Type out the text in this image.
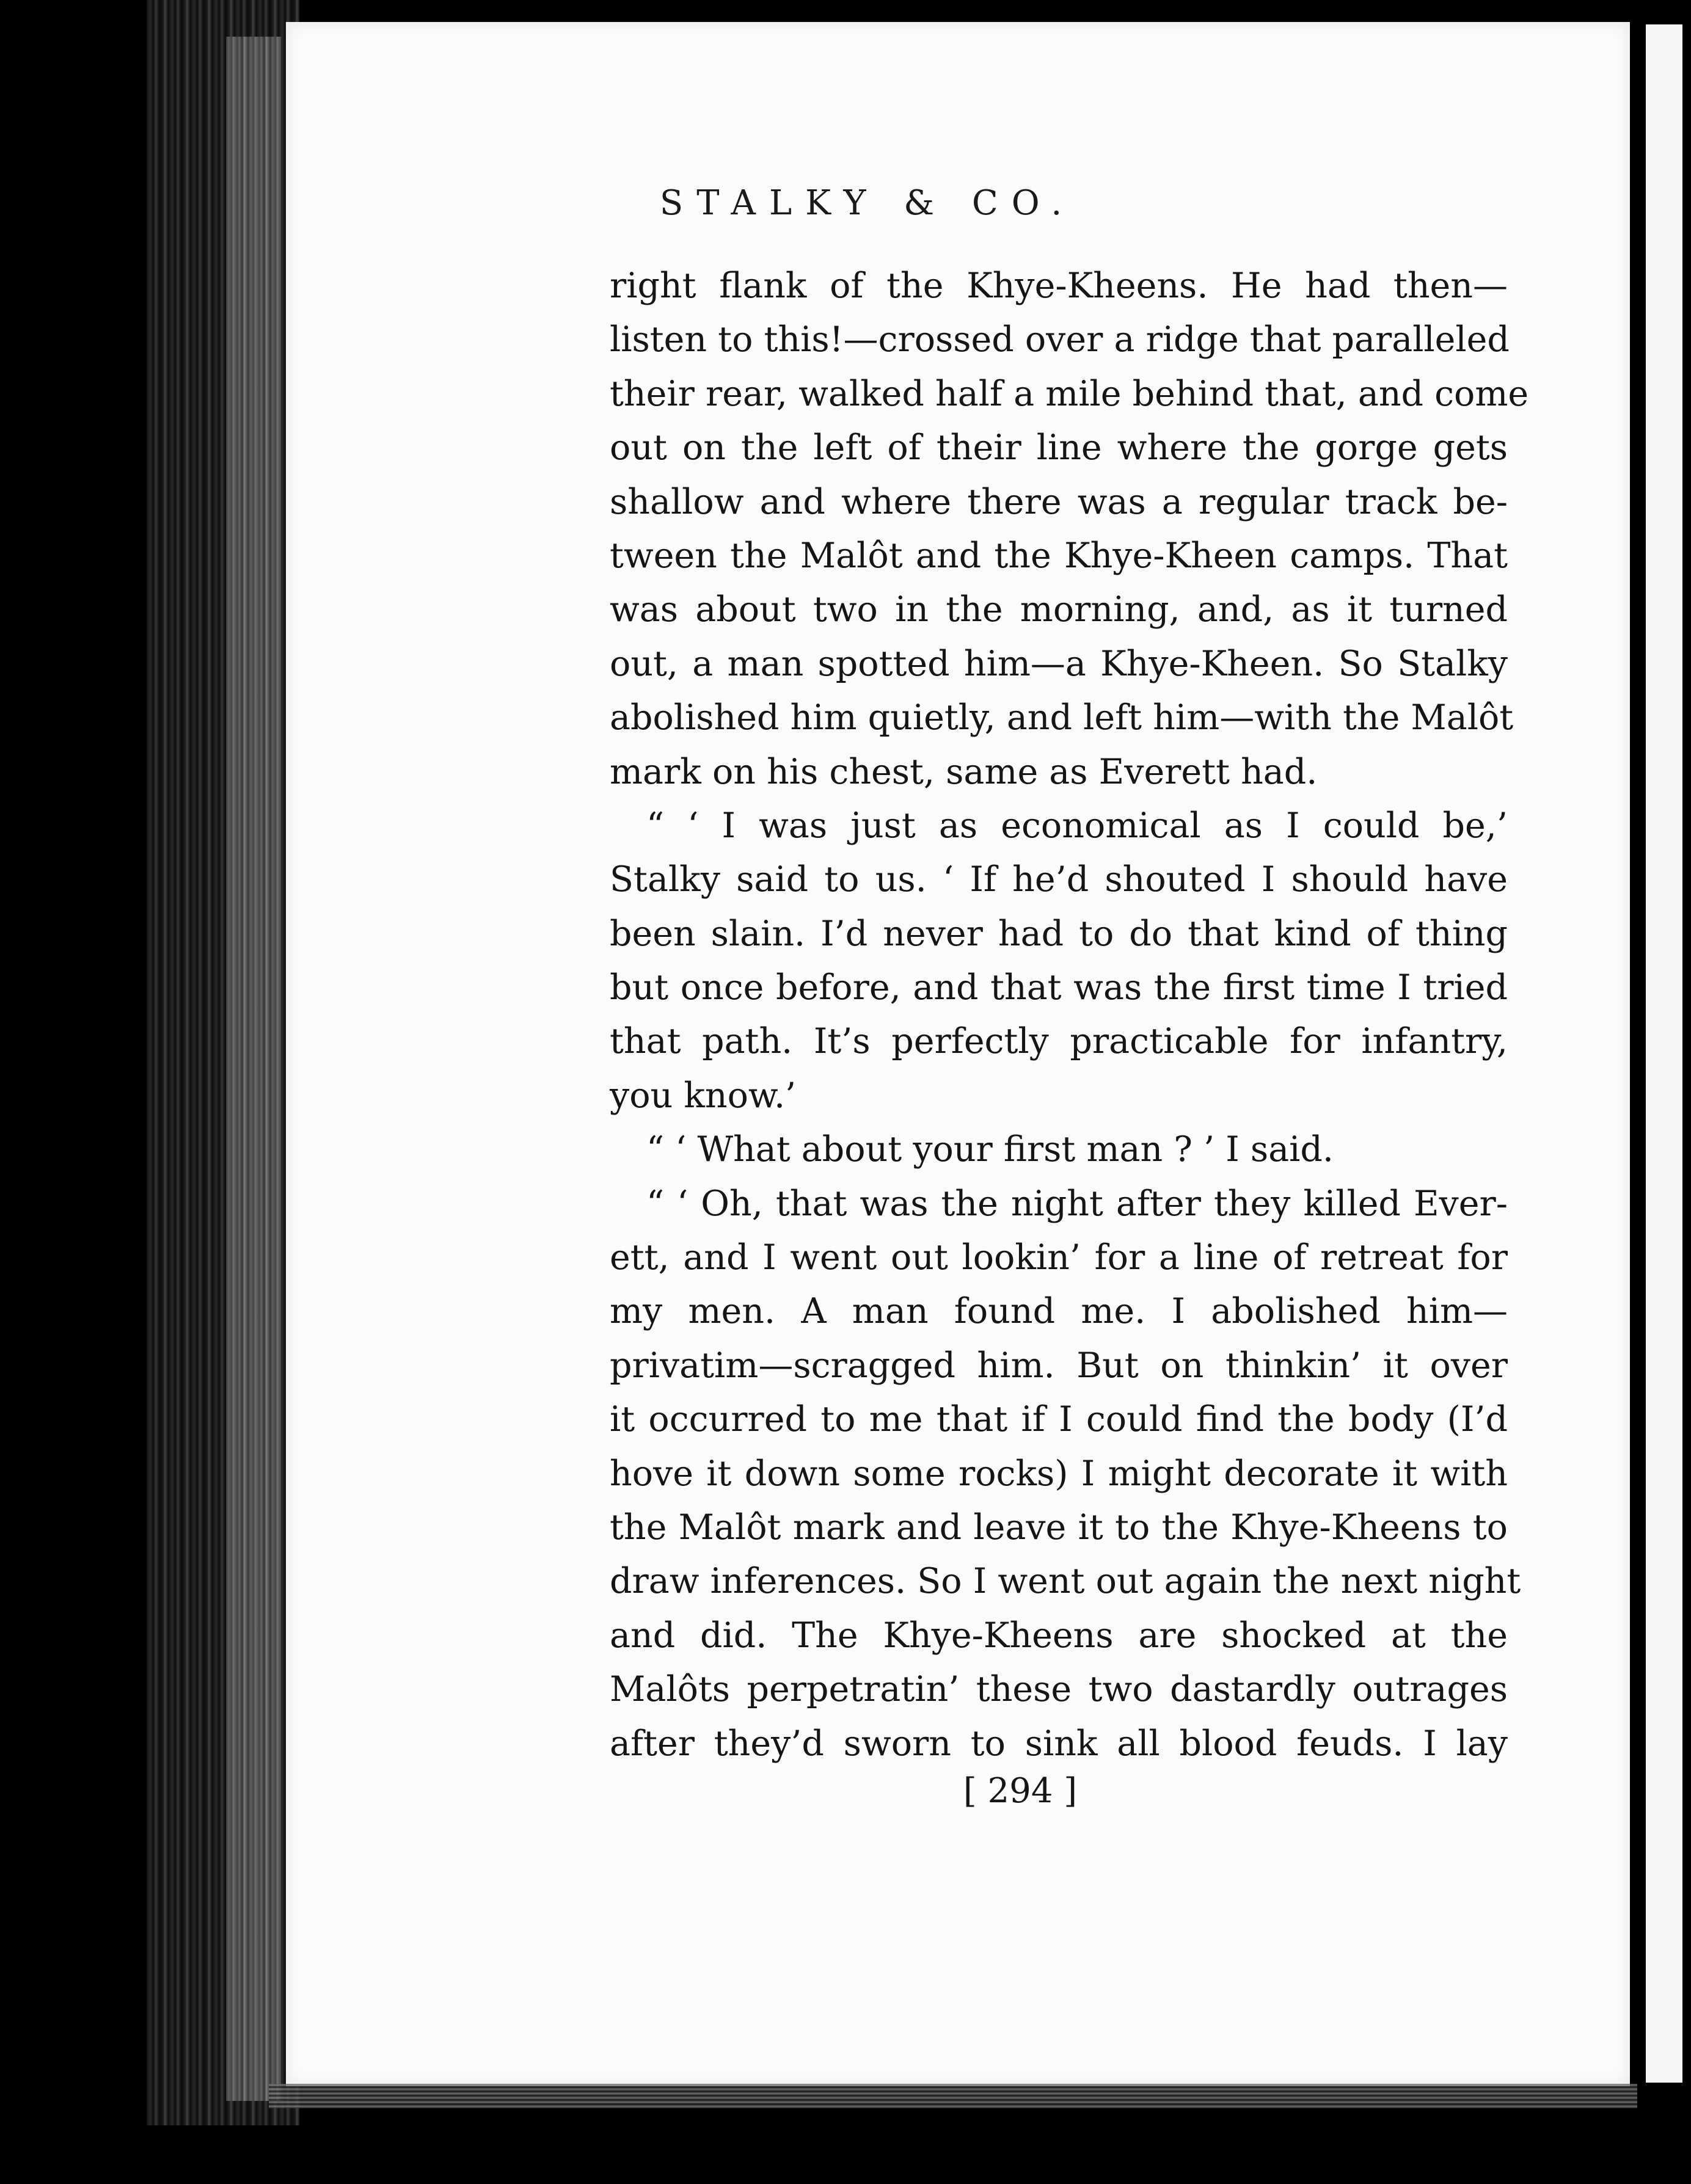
STALKY & CO.
right flank of the Khye-Kheens. He had then—
listen to this!—crossed over a ridge that paralleled
their rear, walked half a mile behind that, and come
out on the left of their line where the gorge gets
shallow and where there was a regular track be-
tween the Malôt and the Khye-Kheen camps. That
was about two in the morning, and, as it turned
out, a man spotted him—a Khye-Kheen. So Stalky
abolished him quietly, and left him—with the Malôt
mark on his chest, same as Everett had.
“ ‘ I was just as economical as I could be,’
Stalky said to us. ‘ If he’d shouted I should have
been slain. I’d never had to do that kind of thing
but once before, and that was the first time I tried
that path. It’s perfectly practicable for infantry,
you know.’
“ ‘ What about your first man ? ’ I said.
“ ‘ Oh, that was the night after they killed Ever-
ett, and I went out lookin’ for a line of retreat for
my men. A man found me. I abolished him—
privatim—scragged him. But on thinkin’ it over
it occurred to me that if I could find the body (I’d
hove it down some rocks) I might decorate it with
the Malôt mark and leave it to the Khye-Kheens to
draw inferences. So I went out again the next night
and did. The Khye-Kheens are shocked at the
Malôts perpetratin’ these two dastardly outrages
after they’d sworn to sink all blood feuds. I lay
[ 294 ]
